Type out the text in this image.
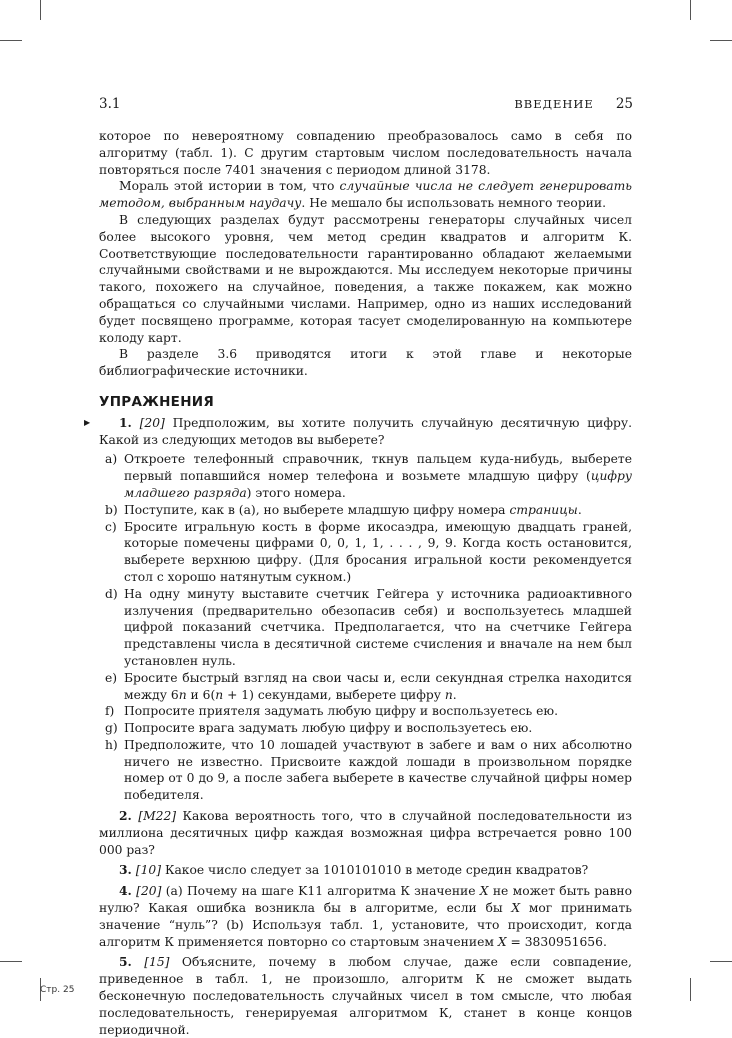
3.1	ВВЕДЕНИЕ 25

которое по невероятному совпадению преобразовалось само в себя по алгоритму (табл. 1). С другим стартовым числом последовательность начала повторяться после 7401 значения с периодом длиной 3178.

Мораль этой истории в том, что случайные числа не следует генерировать методом, выбранным наудачу. Не мешало бы использовать немного теории.

В следующих разделах будут рассмотрены генераторы случайных чисел более высокого уровня, чем метод средин квадратов и алгоритм К. Соответствующие последовательности гарантированно обладают желаемыми случайными свойствами и не вырождаются. Мы исследуем некоторые причины такого, похожего на случайное, поведения, а также покажем, как можно обращаться со случайными числами. Например, одно из наших исследований будет посвящено программе, которая тасует смоделированную на компьютере колоду карт.

В разделе 3.6 приводятся итоги к этой главе и некоторые библиографические источники.

УПРАЖНЕНИЯ
▶	1. [20] Предположим, вы хотите получить случайную десятичную цифру. Какой из следующих методов вы выберете?

a) Откроете телефонный справочник, ткнув пальцем куда-нибудь, выберете первый попавшийся номер телефона и возьмете младшую цифру (цифру младшего разряда) этого номера.
b) Поступите, как в (a), но выберете младшую цифру номера страницы.
c) Бросите игральную кость в форме икосаэдра, имеющую двадцать граней, которые помечены цифрами 0, 0, 1, 1, . . . , 9, 9. Когда кость остановится, выберете верхнюю цифру. (Для бросания игральной кости рекомендуется стол с хорошо натянутым сукном.)
d) На одну минуту выставите счетчик Гейгера у источника радиоактивного излучения (предварительно обезопасив себя) и воспользуетесь младшей цифрой показаний счетчика. Предполагается, что на счетчике Гейгера представлены числа в десятичной системе счисления и вначале на нем был установлен нуль.
e) Бросите быстрый взгляд на свои часы и, если секундная стрелка находится между 6n и 6(n + 1) секундами, выберете цифру n.
f) Попросите приятеля задумать любую цифру и воспользуетесь ею.
g) Попросите врага задумать любую цифру и воспользуетесь ею.
h) Предположите, что 10 лошадей участвуют в забеге и вам о них абсолютно ничего не известно. Присвоите каждой лошади в произвольном порядке номер от 0 до 9, а после забега выберете в качестве случайной цифры номер победителя.

2. [M22] Какова вероятность того, что в случайной последовательности из миллиона десятичных цифр каждая возможная цифра встречается ровно 100 000 раз?

3. [10] Какое число следует за 1010101010 в методе средин квадратов?

4. [20] (a) Почему на шаге K11 алгоритма К значение X не может быть равно нулю? Какая ошибка возникла бы в алгоритме, если бы X мог принимать значение “нуль”? (b) Используя табл. 1, установите, что происходит, когда алгоритм К применяется повторно со стартовым значением X = 3830951656.

5. [15] Объясните, почему в любом случае, даже если совпадение, приведенное в табл. 1, не произошло, алгоритм К не сможет выдать бесконечную последовательность случайных чисел в том смысле, что любая последовательность, генерируемая алгоритмом К, станет в конце концов периодичной.

Стр. 25
